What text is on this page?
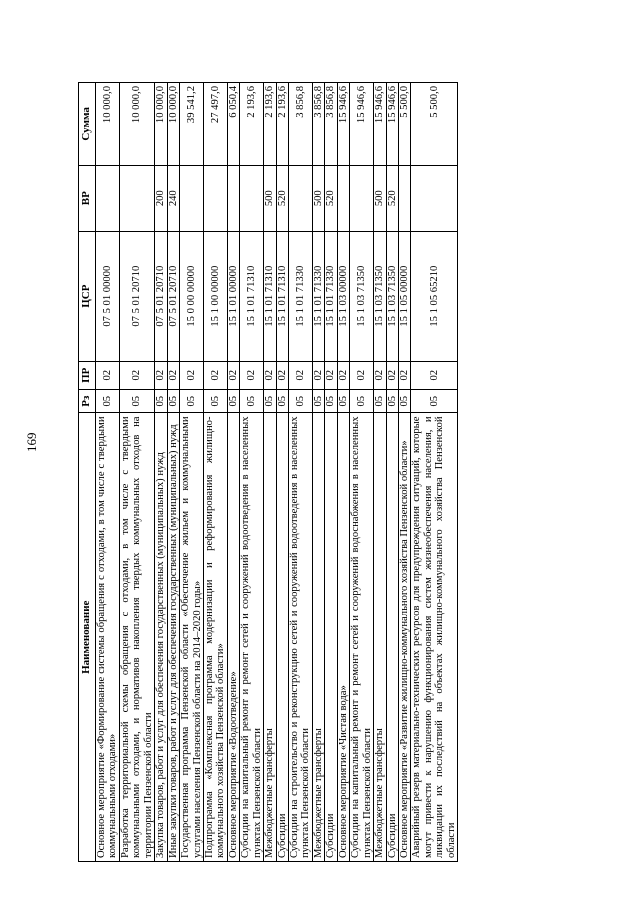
169
Наименование	Рз	ПР	ЦСР	ВР	Сумма
Основное мероприятие «Формирование системы обращения с отходами, в том числе с твердыми коммунальными отходами»	05	02	07 5 01 00000		10 000,0
Разработка территориальной схемы обращения с отходами, в том числе с твердыми коммунальными отходами, и нормативов накопления твердых коммунальных отходов на территории Пензенской области	05	02	07 5 01 20710		10 000,0
Закупка товаров, работ и услуг для обеспечения государственных (муниципальных) нужд	05	02	07 5 01 20710	200	10 000,0
Иные закупки товаров, работ и услуг для обеспечения государственных (муниципальных) нужд	05	02	07 5 01 20710	240	10 000,0
Государственная программа Пензенской области «Обеспечение жильем и коммунальными услугами населения Пензенской области на 2014–2020 годы»	05	02	15 0 00 00000		39 541,2
Подпрограмма «Комплексная программа модернизации и реформирования жилищно-коммунального хозяйства Пензенской области»	05	02	15 1 00 00000		27 497,0
Основное мероприятие «Водоотведение»	05	02	15 1 01 00000		6 050,4
Субсидии на капитальный ремонт и ремонт сетей и сооружений водоотведения в населенных пунктах Пензенской области	05	02	15 1 01 71310		2 193,6
Межбюджетные трансферты	05	02	15 1 01 71310	500	2 193,6
Субсидии	05	02	15 1 01 71310	520	2 193,6
Субсидии на строительство и реконструкцию сетей и сооружений водоотведения в населенных пунктах Пензенской области	05	02	15 1 01 71330		3 856,8
Межбюджетные трансферты	05	02	15 1 01 71330	500	3 856,8
Субсидии	05	02	15 1 01 71330	520	3 856,8
Основное мероприятие «Чистая вода»	05	02	15 1 03 00000		15 946,6
Субсидии на капитальный ремонт и ремонт сетей и сооружений водоснабжения в населенных пунктах Пензенской области	05	02	15 1 03 71350		15 946,6
Межбюджетные трансферты	05	02	15 1 03 71350	500	15 946,6
Субсидии	05	02	15 1 03 71350	520	15 946,6
Основное мероприятие «Развитие жилищно-коммунального хозяйства Пензенской области»	05	02	15 1 05 00000		5 500,0
Аварийный резерв материально-технических ресурсов для предупреждения ситуаций, которые могут привести к нарушению функционирования систем жизнеобеспечения населения, и ликвидации их последствий на объектах жилищно-коммунального хозяйства Пензенской области	05	02	15 1 05 65210		5 500,0
